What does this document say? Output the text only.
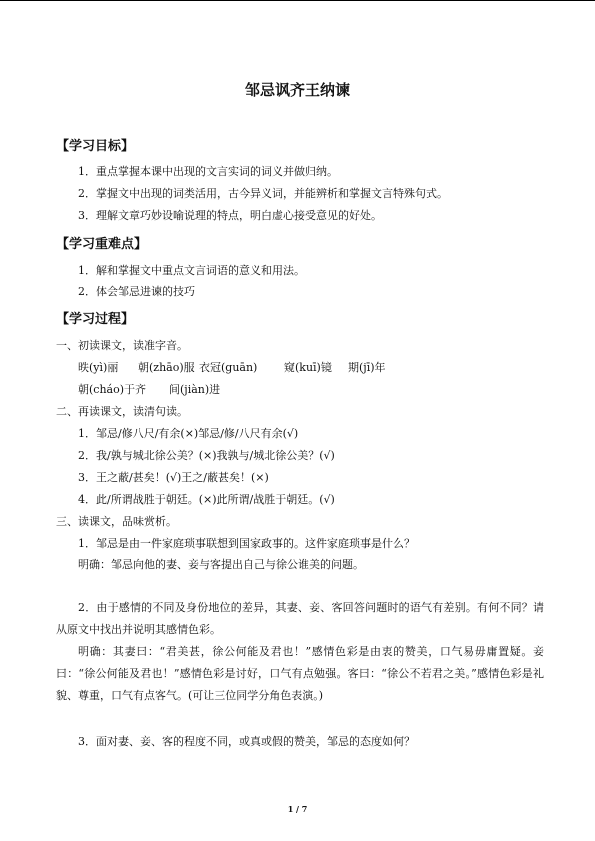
邹忌讽齐王纳谏
【学习目标】
1．重点掌握本课中出现的文言实词的词义并做归纳。
2．掌握文中出现的词类活用，古今异义词，并能辨析和掌握文言特殊句式。
3．理解文章巧妙设喻说理的特点，明白虚心接受意见的好处。
【学习重难点】
1．解和掌握文中重点文言词语的意义和用法。
2．体会邹忌进谏的技巧
【学习过程】
一、初读课文，读准字音。
昳(yì)丽 朝(zhāo)服 衣冠(guān) 窥(kuī)镜 期(jī)年
朝(cháo)于齐 间(jiàn)进
二、再读课文，读清句读。
1．邹忌/修八尺/有余(×)邹忌/修/八尺有余(√)
2．我/孰与城北徐公美？(×)我孰与/城北徐公美？(√)
3．王之蔽/甚矣！(√)王之/蔽甚矣！(×)
4．此/所谓战胜于朝廷。(×)此所谓/战胜于朝廷。(√)
三、读课文，品味赏析。
1．邹忌是由一件家庭琐事联想到国家政事的。这件家庭琐事是什么？
明确：邹忌向他的妻、妾与客提出自己与徐公谁美的问题。
2．由于感情的不同及身份地位的差异，其妻、妾、客回答问题时的语气有差别。有何不同？请从原文中找出并说明其感情色彩。
明确：其妻曰：“君美甚，徐公何能及君也！”感情色彩是由衷的赞美，口气易毋庸置疑。妾曰：“徐公何能及君也！”感情色彩是讨好，口气有点勉强。客曰：“徐公不若君之美。”感情色彩是礼貌、尊重，口气有点客气。(可让三位同学分角色表演。)
3．面对妻、妾、客的程度不同，或真或假的赞美，邹忌的态度如何？
1 / 7
